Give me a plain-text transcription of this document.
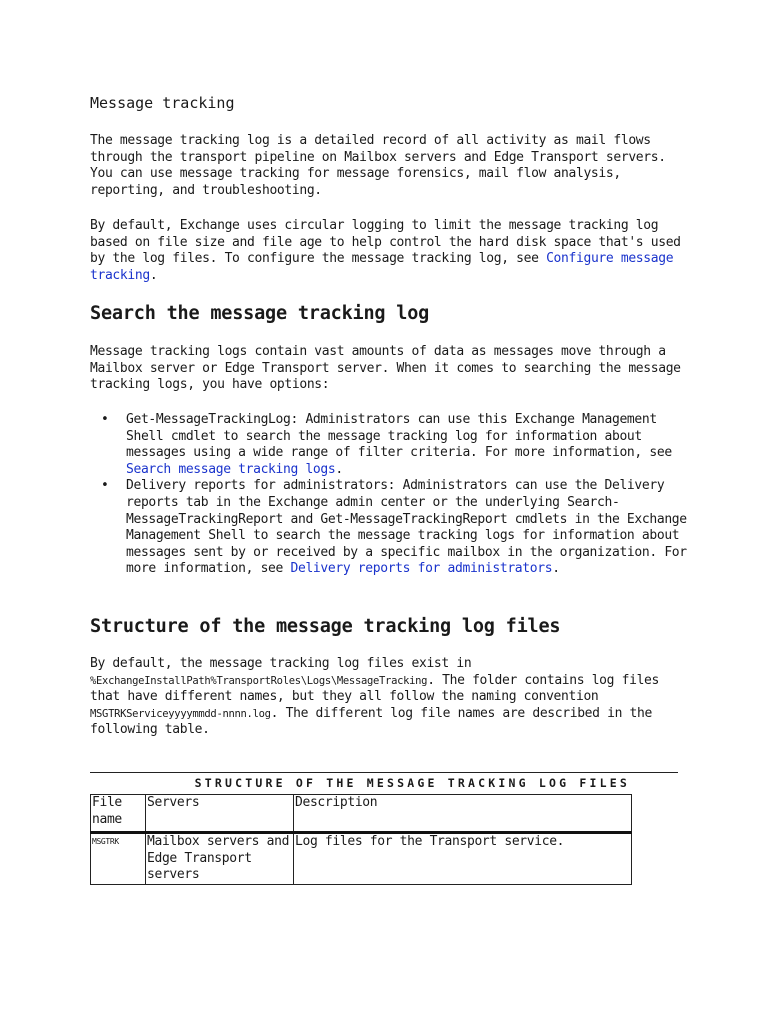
Message tracking

The message tracking log is a detailed record of all activity as mail flows through the transport pipeline on Mailbox servers and Edge Transport servers. You can use message tracking for message forensics, mail flow analysis, reporting, and troubleshooting.

By default, Exchange uses circular logging to limit the message tracking log based on file size and file age to help control the hard disk space that's used by the log files. To configure the message tracking log, see Configure message tracking.

Search the message tracking log

Message tracking logs contain vast amounts of data as messages move through a Mailbox server or Edge Transport server. When it comes to searching the message tracking logs, you have options:

• Get-MessageTrackingLog: Administrators can use this Exchange Management Shell cmdlet to search the message tracking log for information about messages using a wide range of filter criteria. For more information, see Search message tracking logs.
• Delivery reports for administrators: Administrators can use the Delivery reports tab in the Exchange admin center or the underlying Search-MessageTrackingReport and Get-MessageTrackingReport cmdlets in the Exchange Management Shell to search the message tracking logs for information about messages sent by or received by a specific mailbox in the organization. For more information, see Delivery reports for administrators.
Structure of the message tracking log files

By default, the message tracking log files exist in %ExchangeInstallPath%TransportRoles\Logs\MessageTracking. The folder contains log files that have different names, but they all follow the naming convention MSGTRKServiceyyyymmdd-nnnn.log. The different log file names are described in the following table.

STRUCTURE OF THE MESSAGE TRACKING LOG FILES
File name	Servers	Description
MSGTRK	Mailbox servers and Edge Transport servers	Log files for the Transport service.
